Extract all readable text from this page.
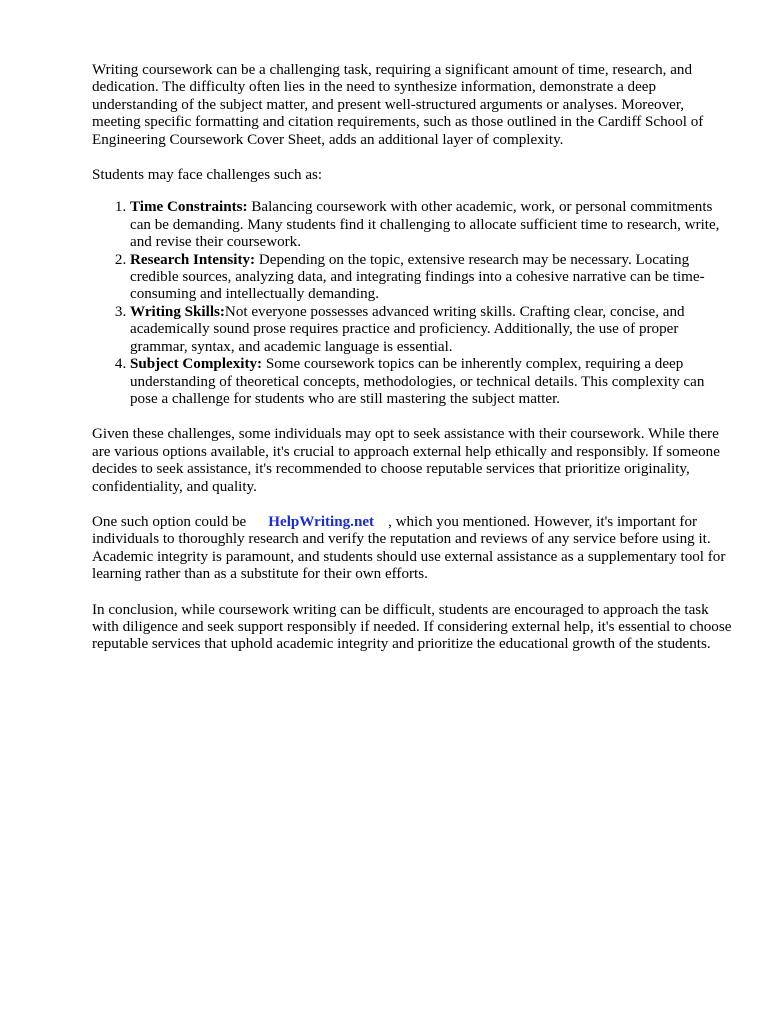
Writing coursework can be a challenging task, requiring a significant amount of time, research, and dedication. The difficulty often lies in the need to synthesize information, demonstrate a deep understanding of the subject matter, and present well-structured arguments or analyses. Moreover, meeting specific formatting and citation requirements, such as those outlined in the Cardiff School of Engineering Coursework Cover Sheet, adds an additional layer of complexity.

Students may face challenges such as:

1. Time Constraints: Balancing coursework with other academic, work, or personal commitments can be demanding. Many students find it challenging to allocate sufficient time to research, write, and revise their coursework.
2. Research Intensity: Depending on the topic, extensive research may be necessary. Locating credible sources, analyzing data, and integrating findings into a cohesive narrative can be time-consuming and intellectually demanding.
3. Writing Skills:Not everyone possesses advanced writing skills. Crafting clear, concise, and academically sound prose requires practice and proficiency. Additionally, the use of proper grammar, syntax, and academic language is essential.
4. Subject Complexity: Some coursework topics can be inherently complex, requiring a deep understanding of theoretical concepts, methodologies, or technical details. This complexity can pose a challenge for students who are still mastering the subject matter.

Given these challenges, some individuals may opt to seek assistance with their coursework. While there are various options available, it's crucial to approach external help ethically and responsibly. If someone decides to seek assistance, it's recommended to choose reputable services that prioritize originality, confidentiality, and quality.

One such option could be HelpWriting.net , which you mentioned. However, it's important for individuals to thoroughly research and verify the reputation and reviews of any service before using it. Academic integrity is paramount, and students should use external assistance as a supplementary tool for learning rather than as a substitute for their own efforts.

In conclusion, while coursework writing can be difficult, students are encouraged to approach the task with diligence and seek support responsibly if needed. If considering external help, it's essential to choose reputable services that uphold academic integrity and prioritize the educational growth of the students.
